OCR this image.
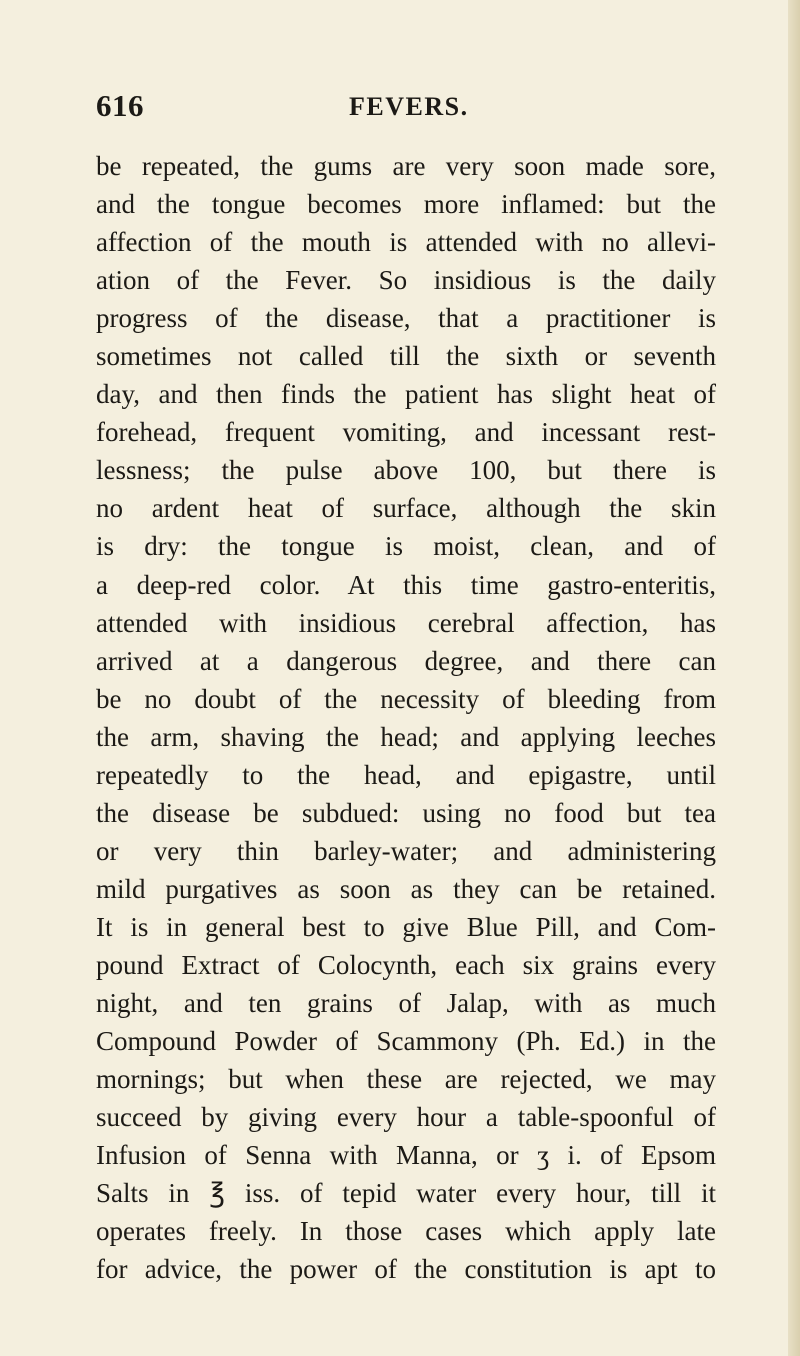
616	FEVERS.
be repeated, the gums are very soon made sore,
and the tongue becomes more inflamed: but the
affection of the mouth is attended with no allevi-
ation of the Fever. So insidious is the daily
progress of the disease, that a practitioner is
sometimes not called till the sixth or seventh
day, and then finds the patient has slight heat of
forehead, frequent vomiting, and incessant rest-
lessness; the pulse above 100, but there is
no ardent heat of surface, although the skin
is dry: the tongue is moist, clean, and of
a deep-red color. At this time gastro-enteritis,
attended with insidious cerebral affection, has
arrived at a dangerous degree, and there can
be no doubt of the necessity of bleeding from
the arm, shaving the head; and applying leeches
repeatedly to the head, and epigastre, until
the disease be subdued: using no food but tea
or very thin barley-water; and administering
mild purgatives as soon as they can be retained.
It is in general best to give Blue Pill, and Com-
pound Extract of Colocynth, each six grains every
night, and ten grains of Jalap, with as much
Compound Powder of Scammony (Ph. Ed.) in the
mornings; but when these are rejected, we may
succeed by giving every hour a table-spoonful of
Infusion of Senna with Manna, or ʒ i. of Epsom
Salts in ℥ iss. of tepid water every hour, till it
operates freely. In those cases which apply late
for advice, the power of the constitution is apt to
